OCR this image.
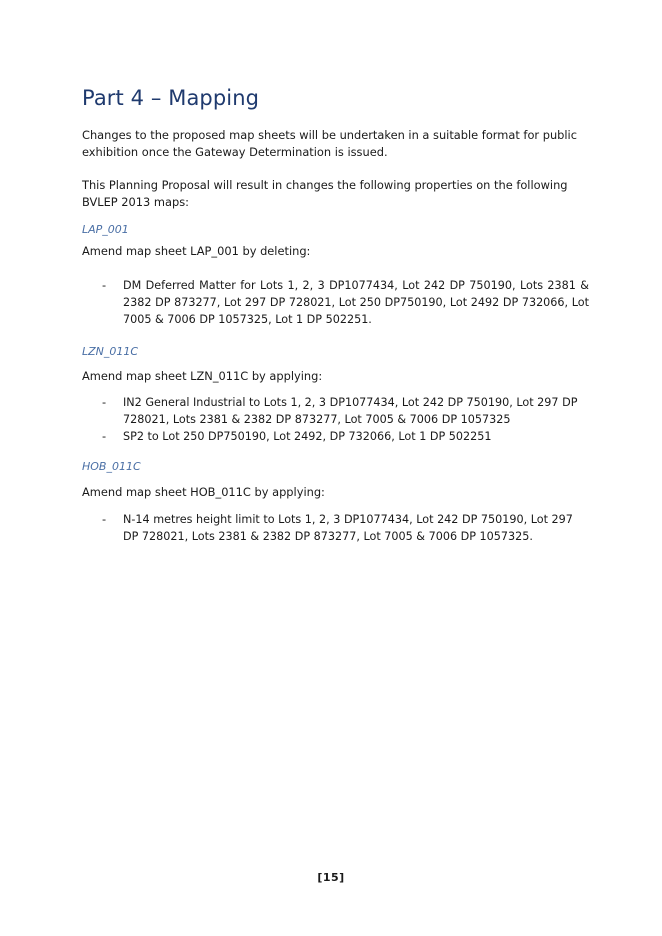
Part 4 – Mapping
Changes to the proposed map sheets will be undertaken in a suitable format for public exhibition once the Gateway Determination is issued.
This Planning Proposal will result in changes the following properties on the following BVLEP 2013 maps:
LAP_001
Amend map sheet LAP_001 by deleting:
- DM Deferred Matter for Lots 1, 2, 3 DP1077434, Lot 242 DP 750190, Lots 2381 & 2382 DP 873277, Lot 297 DP 728021, Lot 250 DP750190, Lot 2492 DP 732066, Lot 7005 & 7006 DP 1057325, Lot 1 DP 502251.
LZN_011C
Amend map sheet LZN_011C by applying:
- IN2 General Industrial to Lots 1, 2, 3 DP1077434, Lot 242 DP 750190, Lot 297 DP 728021, Lots 2381 & 2382 DP 873277, Lot 7005 & 7006 DP 1057325
- SP2 to Lot 250 DP750190, Lot 2492, DP 732066, Lot 1 DP 502251
HOB_011C
Amend map sheet HOB_011C by applying:
- N-14 metres height limit to Lots 1, 2, 3 DP1077434, Lot 242 DP 750190, Lot 297 DP 728021, Lots 2381 & 2382 DP 873277, Lot 7005 & 7006 DP 1057325.
[15]
